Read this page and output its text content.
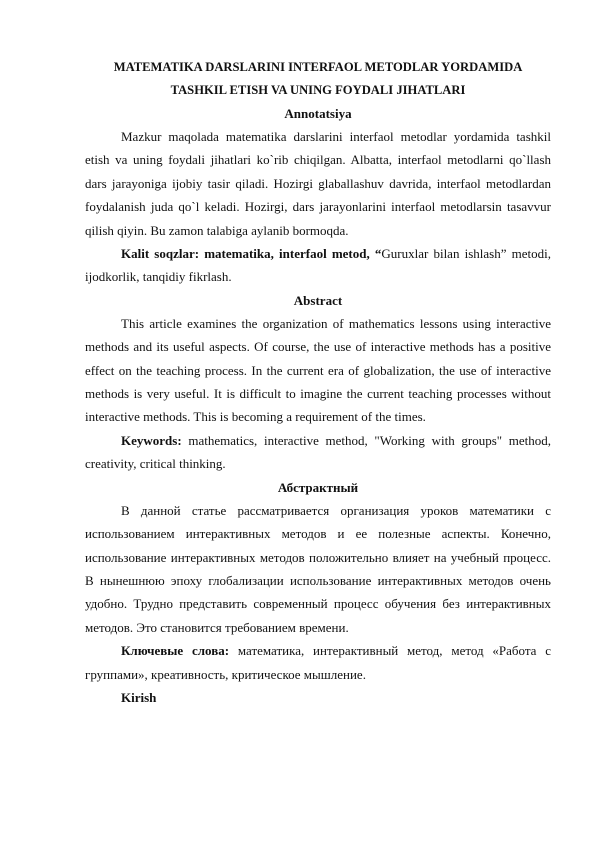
MATEMATIKA DARSLARINI INTERFAOL METODLAR YORDAMIDA TASHKIL ETISH VA UNING FOYDALI JIHATLARI

Annotatsiya

Mazkur maqolada matematika darslarini interfaol metodlar yordamida tashkil etish va uning foydali jihatlari ko`rib chiqilgan. Albatta, interfaol metodlarni qo`llash dars jarayoniga ijobiy tasir qiladi. Hozirgi glaballashuv davrida, interfaol metodlardan foydalanish juda qo`l keladi. Hozirgi, dars jarayonlarini interfaol metodlarsin tasavvur qilish qiyin. Bu zamon talabiga aylanib bormoqda.

Kalit soqzlar: matematika, interfaol metod, “Guruxlar bilan ishlash” metodi, ijodkorlik, tanqidiy fikrlash.

Abstract

This article examines the organization of mathematics lessons using interactive methods and its useful aspects. Of course, the use of interactive methods has a positive effect on the teaching process. In the current era of globalization, the use of interactive methods is very useful. It is difficult to imagine the current teaching processes without interactive methods. This is becoming a requirement of the times.

Keywords: mathematics, interactive method, "Working with groups" method, creativity, critical thinking.

Абстрактный

В данной статье рассматривается организация уроков математики с использованием интерактивных методов и ее полезные аспекты. Конечно, использование интерактивных методов положительно влияет на учебный процесс. В нынешнюю эпоху глобализации использование интерактивных методов очень удобно. Трудно представить современный процесс обучения без интерактивных методов. Это становится требованием времени.

Ключевые слова: математика, интерактивный метод, метод «Работа с группами», креативность, критическое мышление.

Kirish
